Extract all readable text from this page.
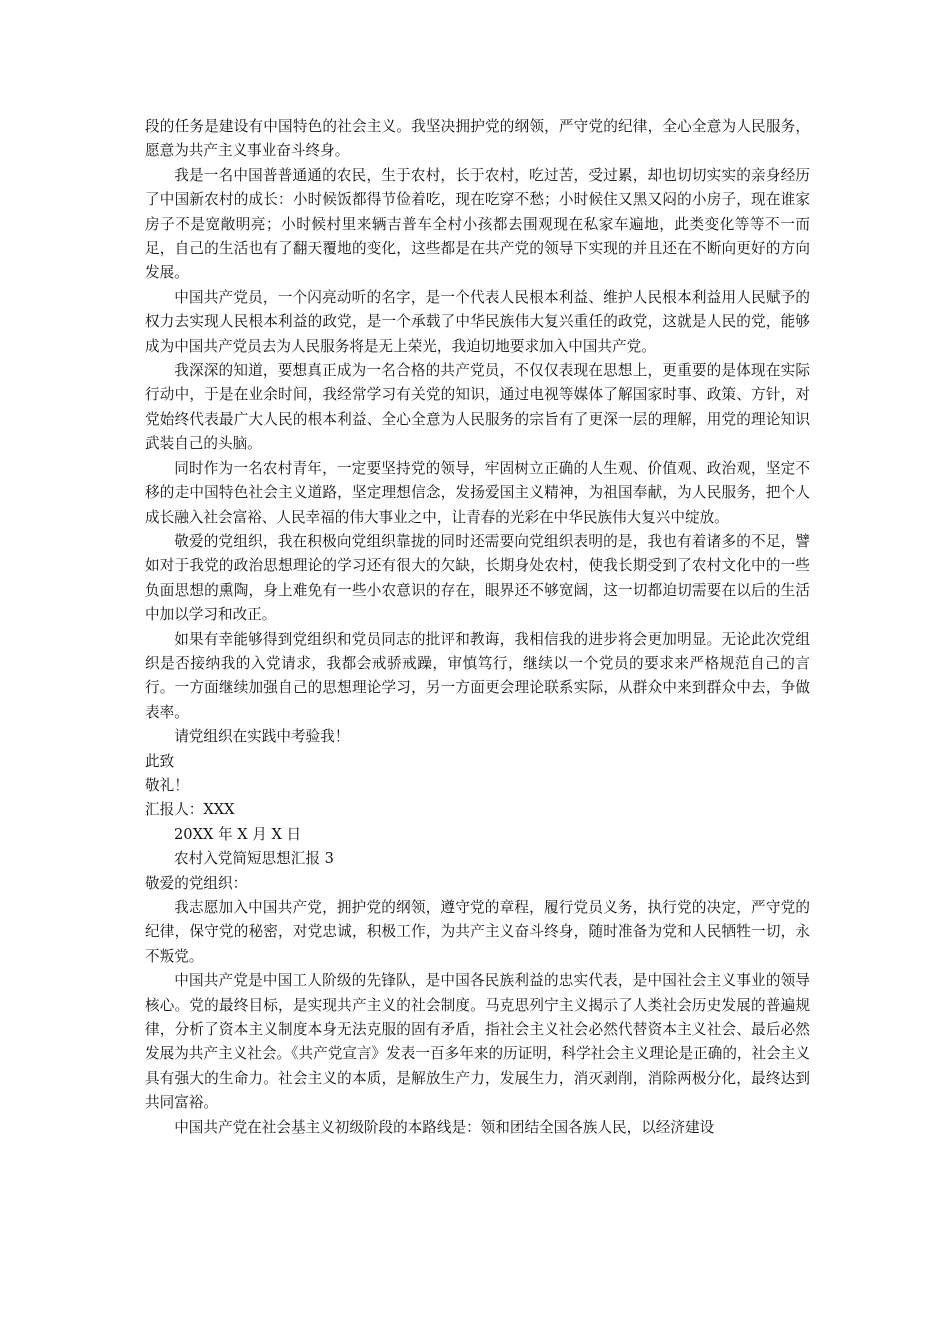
段的任务是建设有中国特色的社会主义。我坚决拥护党的纲领，严守党的纪律，全心全意为人民服务，愿意为共产主义事业奋斗终身。

我是一名中国普普通通的农民，生于农村，长于农村，吃过苦，受过累，却也切切实实的亲身经历了中国新农村的成长：小时候饭都得节俭着吃，现在吃穿不愁；小时候住又黑又闷的小房子，现在谁家房子不是宽敞明亮；小时候村里来辆吉普车全村小孩都去围观现在私家车遍地，此类变化等等不一而足，自己的生活也有了翻天覆地的变化，这些都是在共产党的领导下实现的并且还在不断向更好的方向发展。

中国共产党员，一个闪亮动听的名字，是一个代表人民根本利益、维护人民根本利益用人民赋予的权力去实现人民根本利益的政党，是一个承载了中华民族伟大复兴重任的政党，这就是人民的党，能够成为中国共产党员去为人民服务将是无上荣光，我迫切地要求加入中国共产党。

我深深的知道，要想真正成为一名合格的共产党员，不仅仅表现在思想上，更重要的是体现在实际行动中，于是在业余时间，我经常学习有关党的知识，通过电视等媒体了解国家时事、政策、方针，对党始终代表最广大人民的根本利益、全心全意为人民服务的宗旨有了更深一层的理解，用党的理论知识武装自己的头脑。

同时作为一名农村青年，一定要坚持党的领导，牢固树立正确的人生观、价值观、政治观，坚定不移的走中国特色社会主义道路，坚定理想信念，发扬爱国主义精神，为祖国奉献，为人民服务，把个人成长融入社会富裕、人民幸福的伟大事业之中，让青春的光彩在中华民族伟大复兴中绽放。

敬爱的党组织，我在积极向党组织靠拢的同时还需要向党组织表明的是，我也有着诸多的不足，譬如对于我党的政治思想理论的学习还有很大的欠缺，长期身处农村，使我长期受到了农村文化中的一些负面思想的熏陶，身上难免有一些小农意识的存在，眼界还不够宽阔，这一切都迫切需要在以后的生活中加以学习和改正。

如果有幸能够得到党组织和党员同志的批评和教诲，我相信我的进步将会更加明显。无论此次党组织是否接纳我的入党请求，我都会戒骄戒躁，审慎笃行，继续以一个党员的要求来严格规范自己的言行。一方面继续加强自己的思想理论学习，另一方面更会理论联系实际，从群众中来到群众中去，争做表率。

请党组织在实践中考验我！

此致

敬礼！

汇报人：XXX

20XX 年 X 月 X 日

农村入党简短思想汇报 3

敬爱的党组织：

我志愿加入中国共产党，拥护党的纲领，遵守党的章程，履行党员义务，执行党的决定，严守党的纪律，保守党的秘密，对党忠诚，积极工作，为共产主义奋斗终身，随时准备为党和人民牺牲一切，永不叛党。

中国共产党是中国工人阶级的先锋队，是中国各民族利益的忠实代表，是中国社会主义事业的领导核心。党的最终目标，是实现共产主义的社会制度。马克思列宁主义揭示了人类社会历史发展的普遍规律，分析了资本主义制度本身无法克服的固有矛盾，指社会主义社会必然代替资本主义社会、最后必然发展为共产主义社会。《共产党宣言》发表一百多年来的历证明，科学社会主义理论是正确的，社会主义具有强大的生命力。社会主义的本质，是解放生产力，发展生力，消灭剥削，消除两极分化，最终达到共同富裕。

中国共产党在社会基主义初级阶段的本路线是：领和团结全国各族人民，以经济建设
